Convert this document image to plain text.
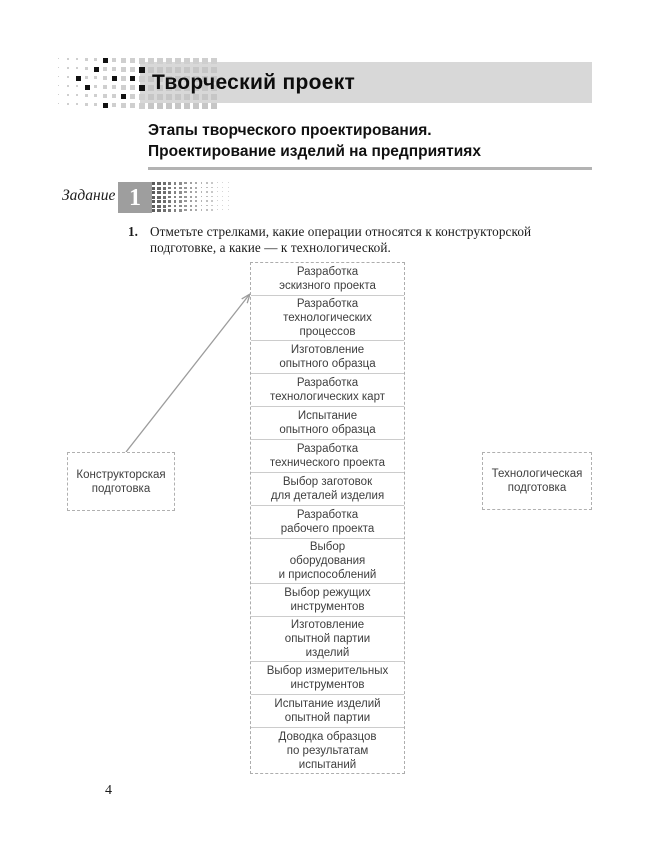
Творческий проект
Этапы творческого проектирования.
Проектирование изделий на предприятиях
Задание 1
1. Отметьте стрелками, какие операции относятся к конструкторской подготовке, а какие — к технологической.
Конструкторская
подготовка
Технологическая
подготовка
Разработка
эскизного проекта
Разработка
технологических
процессов
Изготовление
опытного образца
Разработка
технологических карт
Испытание
опытного образца
Разработка
технического проекта
Выбор заготовок
для деталей изделия
Разработка
рабочего проекта
Выбор
оборудования
и приспособлений
Выбор режущих
инструментов
Изготовление
опытной партии
изделий
Выбор измерительных
инструментов
Испытание изделий
опытной партии
Доводка образцов
по результатам
испытаний
4
